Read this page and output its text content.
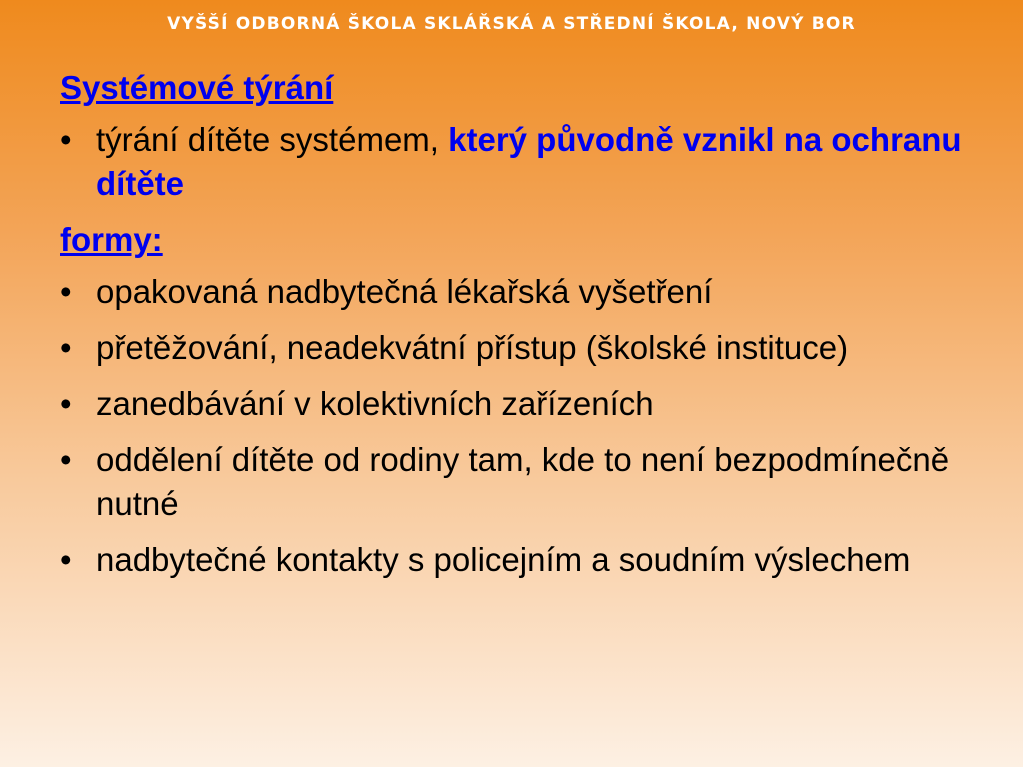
VYŠŠÍ ODBORNÁ ŠKOLA SKLÁŘSKÁ A STŘEDNÍ ŠKOLA, NOVÝ BOR
Systémové týrání
• týrání dítěte systémem, který původně vznikl na ochranu dítěte
formy:
• opakovaná nadbytečná lékařská vyšetření
• přetěžování, neadekvátní přístup (školské instituce)
• zanedbávání v kolektivních zařízeních
• oddělení dítěte od rodiny tam, kde to není bezpodmínečně nutné
• nadbytečné kontakty s policejním a soudním výslechem
